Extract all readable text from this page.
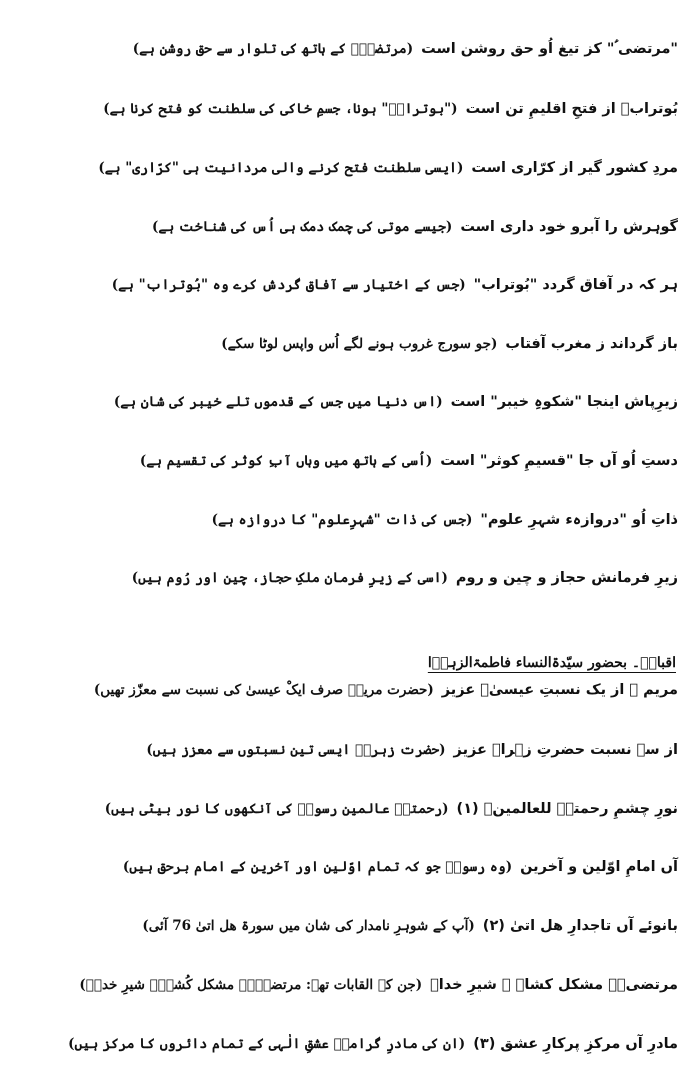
"مرتضی ؑ" کز تیغ اُو حق روشن است(مرتضیٰؑ کے ہاتھ کی تلوار سے حق روشن ہے)
بُوترابؑ از فتحِ اقلیمِ تن است("بوترابؑ" ہونا، جسمِ خاکی کی سلطنت کو فتح کرنا ہے)
مردِ کشور گیر از کرّاری است(ایسی سلطنت فتح کرنے والی مردانیت ہی "کرّاری" ہے)
گوہرش را آبرو خود داری است(جیسے موتی کی چمک دمک ہی اُس کی شناخت ہے)
ہر کہ در آفاق گردد "بُوتراب"(جس کے اختیار سے آفاق گردش کرے وہ "بُوتراب" ہے)
باز گرداند ز مغرب آفتاب(جو سورج غروب ہونے لگے اُس واپس لوٹا سکے)
زیرِپاش اینجا "شکوہِ خیبر" است(اس دنیا میں جس کے قدموں تلے خیبر کی شان ہے)
دستِ اُو آں جا "قسیمِ کوثر" است(اُسی کے ہاتھ میں وہاں آبِ کوثر کی تقسیم ہے)
ذاتِ اُو "دروازہء شہرِ علوم"(جس کی ذات "شہرِعلوم" کا دروازہ ہے)
زیرِ فرمانش حجاز و چین و روم(اسی کے زیرِ فرمان ملکِ حجاز، چین اور رُوم ہیں)
اقبالؒ۔ بحضور سیّدۃالنساء فاطمۃالزہرؑا
مریم ؑ از یک نسبتِ عیسیٰؑ عزیز(حضرت مریمؑ صرف ایکْ عیسیٰ کی نسبت سے معزّز تھیں)
از سہ نسبت حضرتِ زہراؑ عزیز(حضرت زہراؑ ایسی تین نسبتوں سے معزز ہیں)
نورِ چشمِ رحمتہؐ للعالمینؐ (۱)(رحمتہؐ عالمین رسولؐ کی آنکھوں کا نور بیٹی ہیں)
آں امامِ اوّلین و آخرین(وہ رسولؐ جو کہ تمام اوّلین اور آخرین کے امام برحق ہیں)
بانوئے آں تاجدارِ ھل اتیٰ (۲)(آپ کے شوہرِ نامدار کی شان میں سورۃ ھل اتیٰ 76 آئی)
مرتضیؑ۔ مشکل کشاؑ ۔ شیرِ خداؑ(جن کے القابات تھے: مرتضیٰؑ۔ مشکل کُشاؑ۔ شیرِ خداؑ)
مادرِ آں مرکزِ پرکارِ عشق (۳)(ان کی مادرِ گرامیؑ عشقِ الٰہی کے تمام دائروں کا مرکز ہیں)
